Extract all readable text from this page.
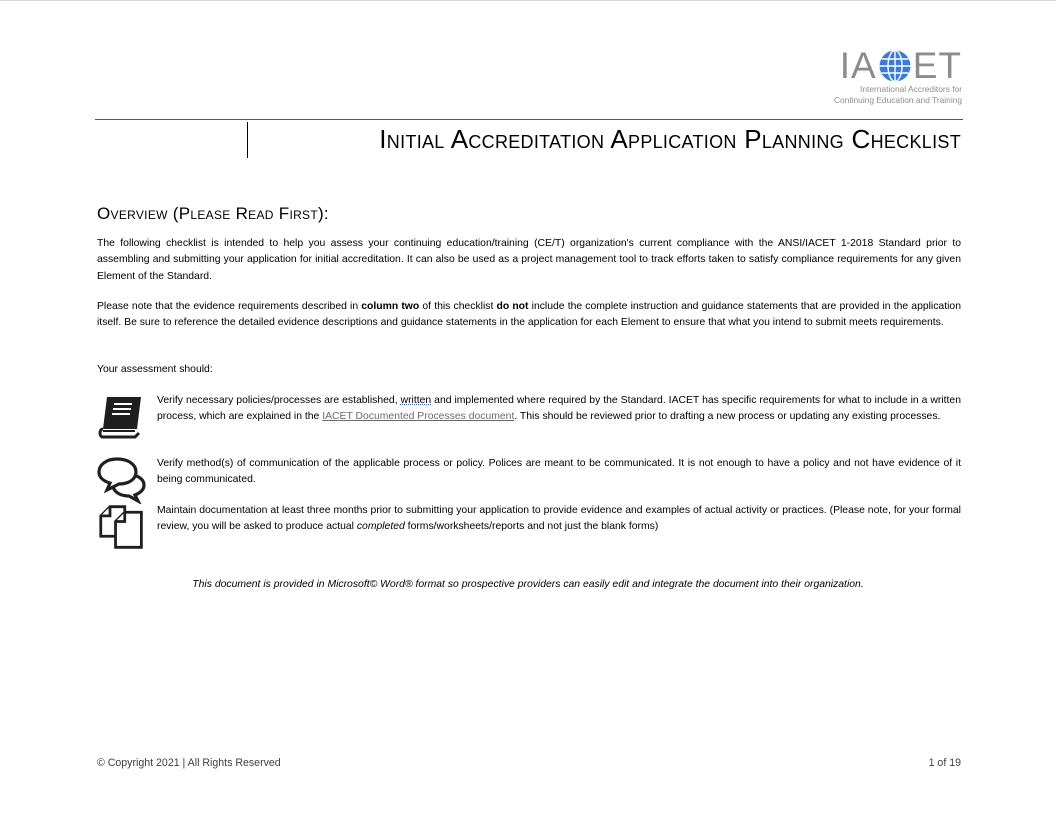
IA ET
International Accreditors for
Continuing Education and Training
Initial Accreditation Application Planning Checklist
Overview (Please Read First):
The following checklist is intended to help you assess your continuing education/training (CE/T) organization's current compliance with the ANSI/IACET 1-2018 Standard prior to assembling and submitting your application for initial accreditation. It can also be used as a project management tool to track efforts taken to satisfy compliance requirements for any given Element of the Standard.
Please note that the evidence requirements described in column two of this checklist do not include the complete instruction and guidance statements that are provided in the application itself. Be sure to reference the detailed evidence descriptions and guidance statements in the application for each Element to ensure that what you intend to submit meets requirements.
Your assessment should:
Verify necessary policies/processes are established, written and implemented where required by the Standard. IACET has specific requirements for what to include in a written process, which are explained in the IACET Documented Processes document. This should be reviewed prior to drafting a new process or updating any existing processes.
Verify method(s) of communication of the applicable process or policy. Polices are meant to be communicated. It is not enough to have a policy and not have evidence of it being communicated.
Maintain documentation at least three months prior to submitting your application to provide evidence and examples of actual activity or practices. (Please note, for your formal review, you will be asked to produce actual completed forms/worksheets/reports and not just the blank forms)
This document is provided in Microsoft© Word® format so prospective providers can easily edit and integrate the document into their organization.
© Copyright 2021 | All Rights Reserved	1 of 19
